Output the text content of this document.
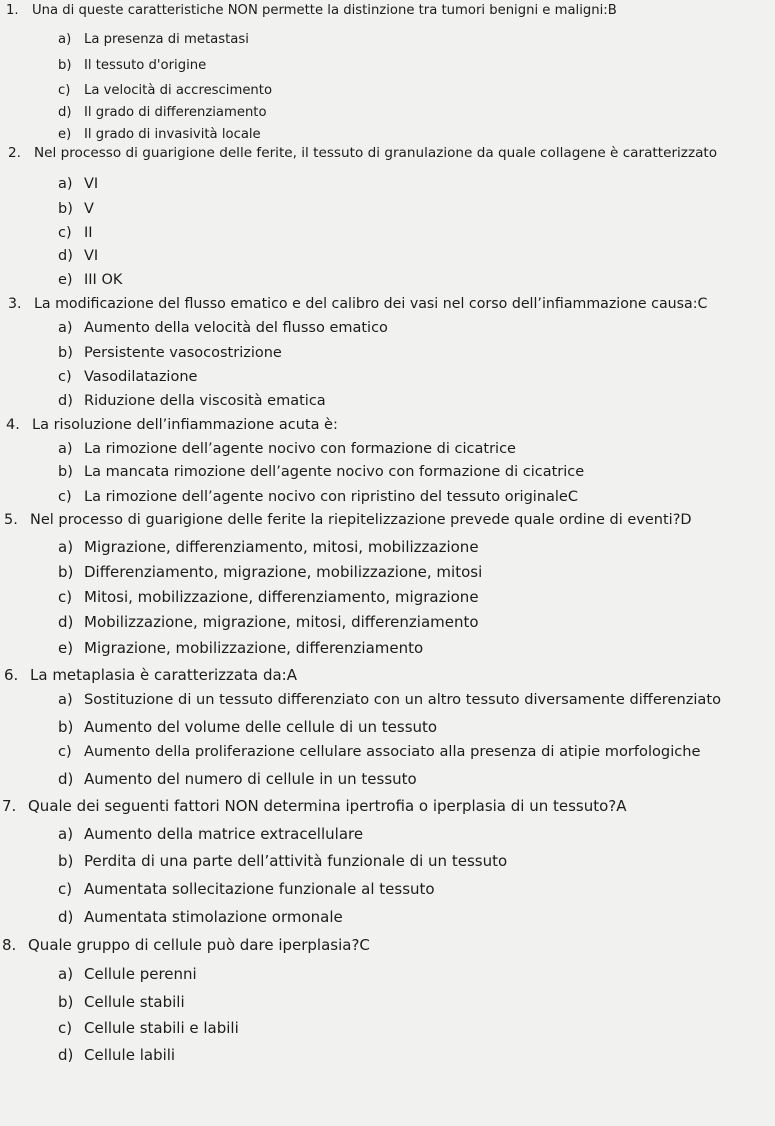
1. Una di queste caratteristiche NON permette la distinzione tra tumori benigni e maligni:B
a) La presenza di metastasi
b) Il tessuto d'origine
c) La velocità di accrescimento
d) Il grado di differenziamento
e) Il grado di invasività locale
2. Nel processo di guarigione delle ferite, il tessuto di granulazione da quale collagene è caratterizzato
a) VI
b) V
c) II
d) VI
e) III OK
3. La modificazione del flusso ematico e del calibro dei vasi nel corso dell’infiammazione causa:C
a) Aumento della velocità del flusso ematico
b) Persistente vasocostrizione
c) Vasodilatazione
d) Riduzione della viscosità ematica
4. La risoluzione dell’infiammazione acuta è:
a) La rimozione dell’agente nocivo con formazione di cicatrice
b) La mancata rimozione dell’agente nocivo con formazione di cicatrice
c) La rimozione dell’agente nocivo con ripristino del tessuto originaleC
5. Nel processo di guarigione delle ferite la riepitelizzazione prevede quale ordine di eventi?D
a) Migrazione, differenziamento, mitosi, mobilizzazione
b) Differenziamento, migrazione, mobilizzazione, mitosi
c) Mitosi, mobilizzazione, differenziamento, migrazione
d) Mobilizzazione, migrazione, mitosi, differenziamento
e) Migrazione, mobilizzazione, differenziamento
6. La metaplasia è caratterizzata da:A
a) Sostituzione di un tessuto differenziato con un altro tessuto diversamente differenziato
b) Aumento del volume delle cellule di un tessuto
c) Aumento della proliferazione cellulare associato alla presenza di atipie morfologiche
d) Aumento del numero di cellule in un tessuto
7. Quale dei seguenti fattori NON determina ipertrofia o iperplasia di un tessuto?A
a) Aumento della matrice extracellulare
b) Perdita di una parte dell’attività funzionale di un tessuto
c) Aumentata sollecitazione funzionale al tessuto
d) Aumentata stimolazione ormonale
8. Quale gruppo di cellule può dare iperplasia?C
a) Cellule perenni
b) Cellule stabili
c) Cellule stabili e labili
d) Cellule labili
